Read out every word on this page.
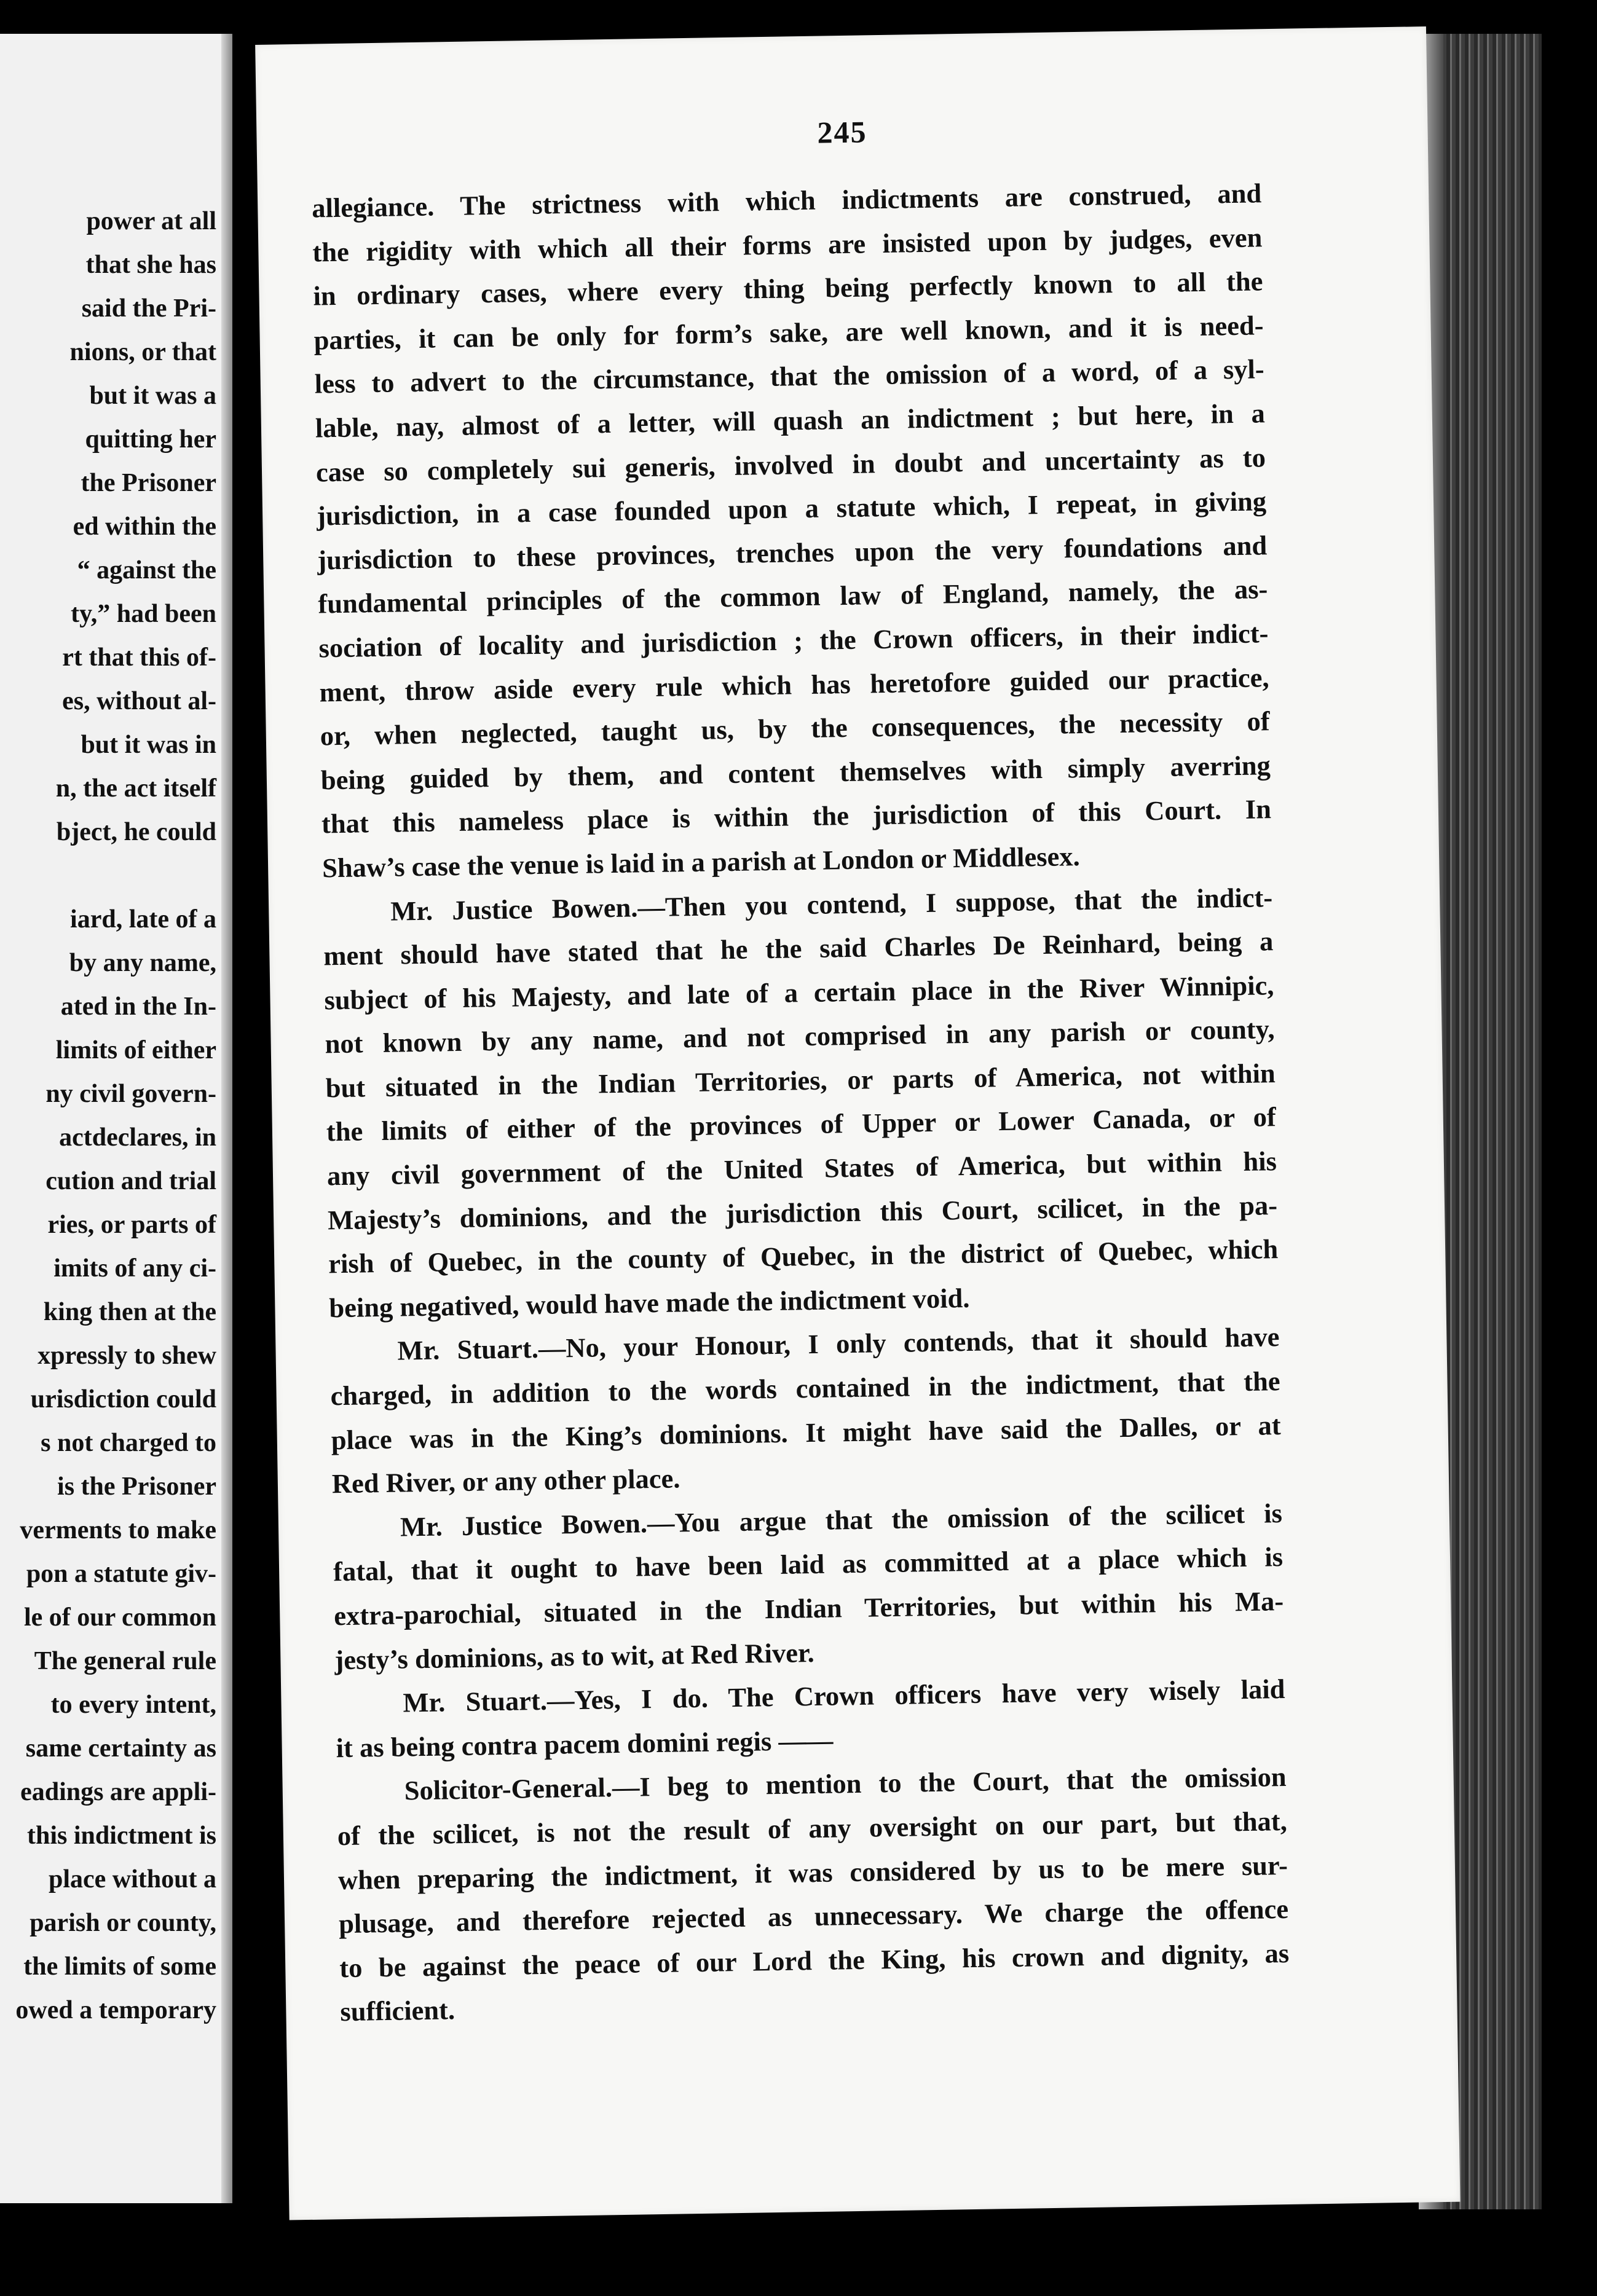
power at all
that she has
said the Pri-
nions, or that
but it was a
quitting her
the Prisoner
ed within the
“ against the
ty,” had been
rt that this of-
es, without al-
but it was in
n, the act itself
bject, he could
iard, late of a
by any name,
ated in the In-
limits of either
ny civil govern-
actdeclares, in
cution and trial
ries, or parts of
imits of any ci-
king then at the
xpressly to shew
urisdiction could
s not charged to
is the Prisoner
verments to make
pon a statute giv-
le of our common
The general rule
to every intent,
same certainty as
eadings are appli-
this indictment is
place without a
parish or county,
the limits of some
owed a temporary
245
allegiance. The strictness with which indictments are construed, and
the rigidity with which all their forms are insisted upon by judges, even
in ordinary cases, where every thing being perfectly known to all the
parties, it can be only for form’s sake, are well known, and it is need-
less to advert to the circumstance, that the omission of a word, of a syl-
lable, nay, almost of a letter, will quash an indictment ; but here, in a
case so completely sui generis, involved in doubt and uncertainty as to
jurisdiction, in a case founded upon a statute which, I repeat, in giving
jurisdiction to these provinces, trenches upon the very foundations and
fundamental principles of the common law of England, namely, the as-
sociation of locality and jurisdiction ; the Crown officers, in their indict-
ment, throw aside every rule which has heretofore guided our practice,
or, when neglected, taught us, by the consequences, the necessity of
being guided by them, and content themselves with simply averring
that this nameless place is within the jurisdiction of this Court. In
Shaw’s case the venue is laid in a parish at London or Middlesex.
Mr. Justice Bowen.—Then you contend, I suppose, that the indict-
ment should have stated that he the said Charles De Reinhard, being a
subject of his Majesty, and late of a certain place in the River Winnipic,
not known by any name, and not comprised in any parish or county,
but situated in the Indian Territories, or parts of America, not within
the limits of either of the provinces of Upper or Lower Canada, or of
any civil government of the United States of America, but within his
Majesty’s dominions, and the jurisdiction this Court, scilicet, in the pa-
rish of Quebec, in the county of Quebec, in the district of Quebec, which
being negatived, would have made the indictment void.
Mr. Stuart.—No, your Honour, I only contends, that it should have
charged, in addition to the words contained in the indictment, that the
place was in the King’s dominions. It might have said the Dalles, or at
Red River, or any other place.
Mr. Justice Bowen.—You argue that the omission of the scilicet is
fatal, that it ought to have been laid as committed at a place which is
extra-parochial, situated in the Indian Territories, but within his Ma-
jesty’s dominions, as to wit, at Red River.
Mr. Stuart.—Yes, I do. The Crown officers have very wisely laid
it as being contra pacem domini regis ——
Solicitor-General.—I beg to mention to the Court, that the omission
of the scilicet, is not the result of any oversight on our part, but that,
when preparing the indictment, it was considered by us to be mere sur-
plusage, and therefore rejected as unnecessary. We charge the offence
to be against the peace of our Lord the King, his crown and dignity, as
sufficient.
